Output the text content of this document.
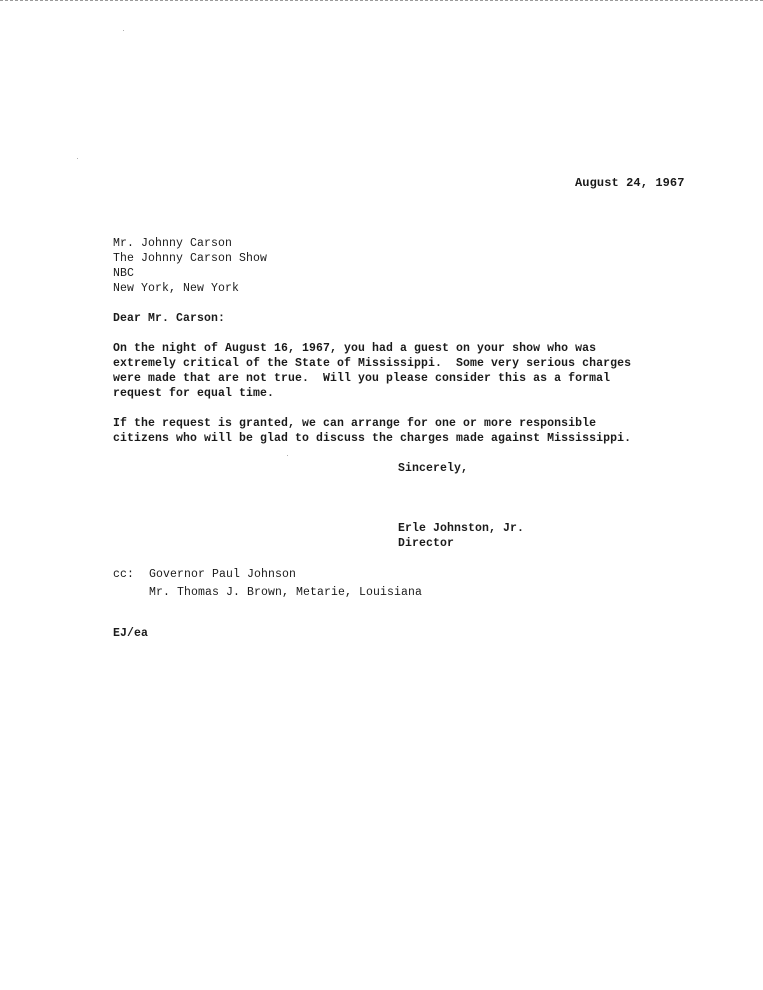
August 24, 1967
Mr. Johnny Carson
The Johnny Carson Show
NBC
New York, New York
Dear Mr. Carson:
On the night of August 16, 1967, you had a guest on your show who was
extremely critical of the State of Mississippi.  Some very serious charges
were made that are not true.  Will you please consider this as a formal
request for equal time.
If the request is granted, we can arrange for one or more responsible
citizens who will be glad to discuss the charges made against Mississippi.
Sincerely,
Erle Johnston, Jr.
Director
cc: Governor Paul Johnson
Mr. Thomas J. Brown, Metarie, Louisiana
EJ/ea
